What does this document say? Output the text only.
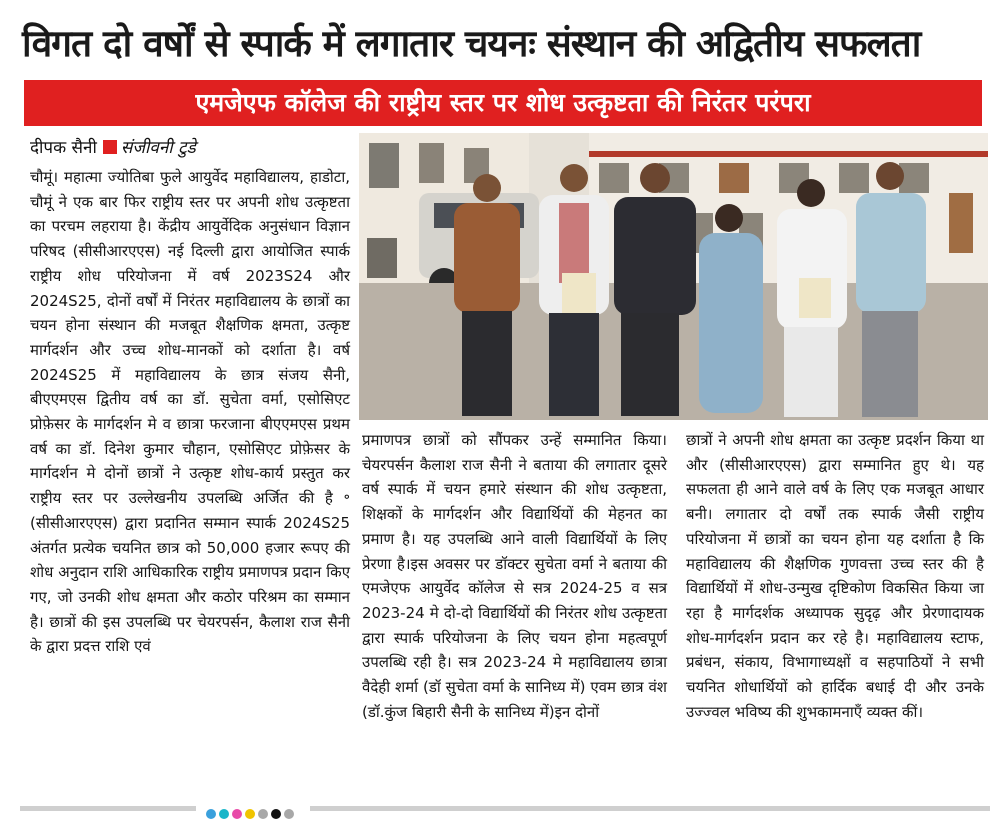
विगत दो वर्षों से स्पार्क में लगातार चयनः संस्थान की अद्वितीय सफलता
एमजेएफ कॉलेज की राष्ट्रीय स्तर पर शोध उत्कृष्टता की निरंतर परंपरा
दीपक सैनी संजीवनी टुडे

चौमूं। महात्मा ज्योतिबा फुले आयुर्वेद महाविद्यालय, हाडोटा, चौमूं ने एक बार फिर राष्ट्रीय स्तर पर अपनी शोध उत्कृष्टता का परचम लहराया है। केंद्रीय आयुर्वेदिक अनुसंधान विज्ञान परिषद (सीसीआरएएस) नई दिल्ली द्वारा आयोजित स्पार्क राष्ट्रीय शोध परियोजना में वर्ष 2023S24 और 2024S25, दोनों वर्षों में निरंतर महाविद्यालय के छात्रों का चयन होना संस्थान की मजबूत शैक्षणिक क्षमता, उत्कृष्ट मार्गदर्शन और उच्च शोध-मानकों को दर्शाता है। वर्ष 2024S25 में महाविद्यालय के छात्र संजय सैनी, बीएएमएस द्वितीय वर्ष का डॉ. सुचेता वर्मा, एसोसिएट प्रोफ़ेसर के मार्गदर्शन मे व छात्रा फरजाना बीएएमएस प्रथम वर्ष का डॉ. दिनेश कुमार चौहान, एसोसिएट प्रोफ़ेसर के मार्गदर्शन मे दोनों छात्रों ने उत्कृष्ट शोध-कार्य प्रस्तुत कर राष्ट्रीय स्तर पर उल्लेखनीय उपलब्धि अर्जित की है ॰ (सीसीआरएएस) द्वारा प्रदानित सम्मान स्पार्क 2024S25 अंतर्गत प्रत्येक चयनित छात्र को 50,000 हजार रूपए की शोध अनुदान राशि आधिकारिक राष्ट्रीय प्रमाणपत्र प्रदान किए गए, जो उनकी शोध क्षमता और कठोर परिश्रम का सम्मान है। छात्रों की इस उपलब्धि पर चेयरपर्सन, कैलाश राज सैनी के द्वारा प्रदत्त राशि एवं

प्रमाणपत्र छात्रों को सौंपकर उन्हें सम्मानित किया।चेयरपर्सन कैलाश राज सैनी ने बताया की लगातार दूसरे वर्ष स्पार्क में चयन हमारे संस्थान की शोध उत्कृष्टता, शिक्षकों के मार्गदर्शन और विद्यार्थियों की मेहनत का प्रमाण है। यह उपलब्धि आने वाली विद्यार्थियों के लिए प्रेरणा है।इस अवसर पर डॉक्टर सुचेता वर्मा ने बताया की एमजेएफ आयुर्वेद कॉलेज से सत्र 2024-25 व सत्र 2023-24 मे दो-दो विद्यार्थियों की निरंतर शोध उत्कृष्टता द्वारा स्पार्क परियोजना के लिए चयन होना महत्वपूर्ण उपलब्धि रही है। सत्र 2023-24 मे महाविद्यालय छात्रा वैदेही शर्मा (डॉ सुचेता वर्मा के सानिध्य में) एवम छात्र वंश (डॉ.कुंज बिहारी सैनी के सानिध्य में)इन दोनों

छात्रों ने अपनी शोध क्षमता का उत्कृष्ट प्रदर्शन किया था और (सीसीआरएएस) द्वारा सम्मानित हुए थे। यह सफलता ही आने वाले वर्ष के लिए एक मजबूत आधार बनी। लगातार दो वर्षों तक स्पार्क जैसी राष्ट्रीय परियोजना में छात्रों का चयन होना यह दर्शाता है कि महाविद्यालय की शैक्षणिक गुणवत्ता उच्च स्तर की है विद्यार्थियों में शोध-उन्मुख दृष्टिकोण विकसित किया जा रहा है मार्गदर्शक अध्यापक सुदृढ़ और प्रेरणादायक शोध-मार्गदर्शन प्रदान कर रहे है। महाविद्यालय स्टाफ, प्रबंधन, संकाय, विभागाध्यक्षों व सहपाठियों ने सभी चयनित शोधार्थियों को हार्दिक बधाई दी और उनके उज्ज्वल भविष्य की शुभकामनाएँ व्यक्त कीं।
